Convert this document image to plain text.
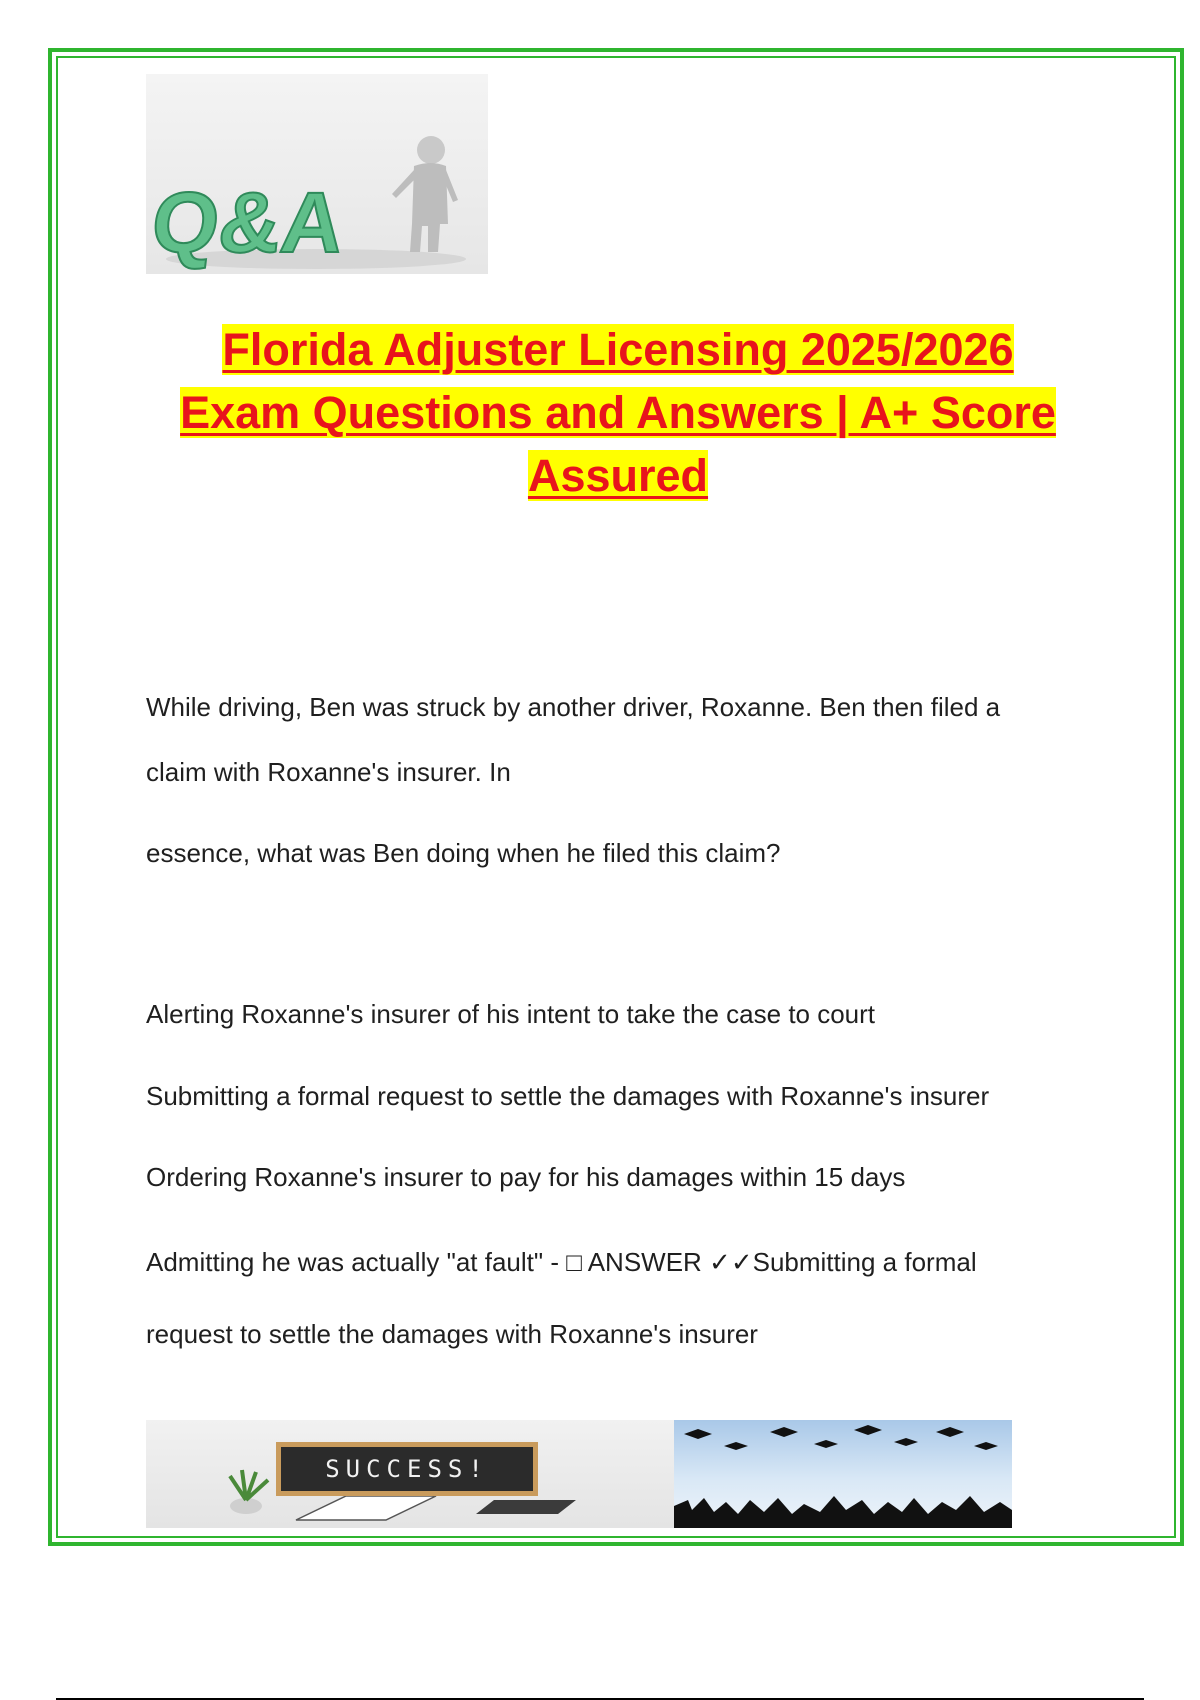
Q&A
Florida Adjuster Licensing 2025/2026
Exam Questions and Answers | A+ Score
Assured
While driving, Ben was struck by another driver, Roxanne. Ben then filed a
claim with Roxanne's insurer. In
essence, what was Ben doing when he filed this claim?
Alerting Roxanne's insurer of his intent to take the case to court
Submitting a formal request to settle the damages with Roxanne's insurer
Ordering Roxanne's insurer to pay for his damages within 15 days
Admitting he was actually "at fault" - □ ANSWER ✓✓Submitting a formal
request to settle the damages with Roxanne's insurer
SUCCESS!
